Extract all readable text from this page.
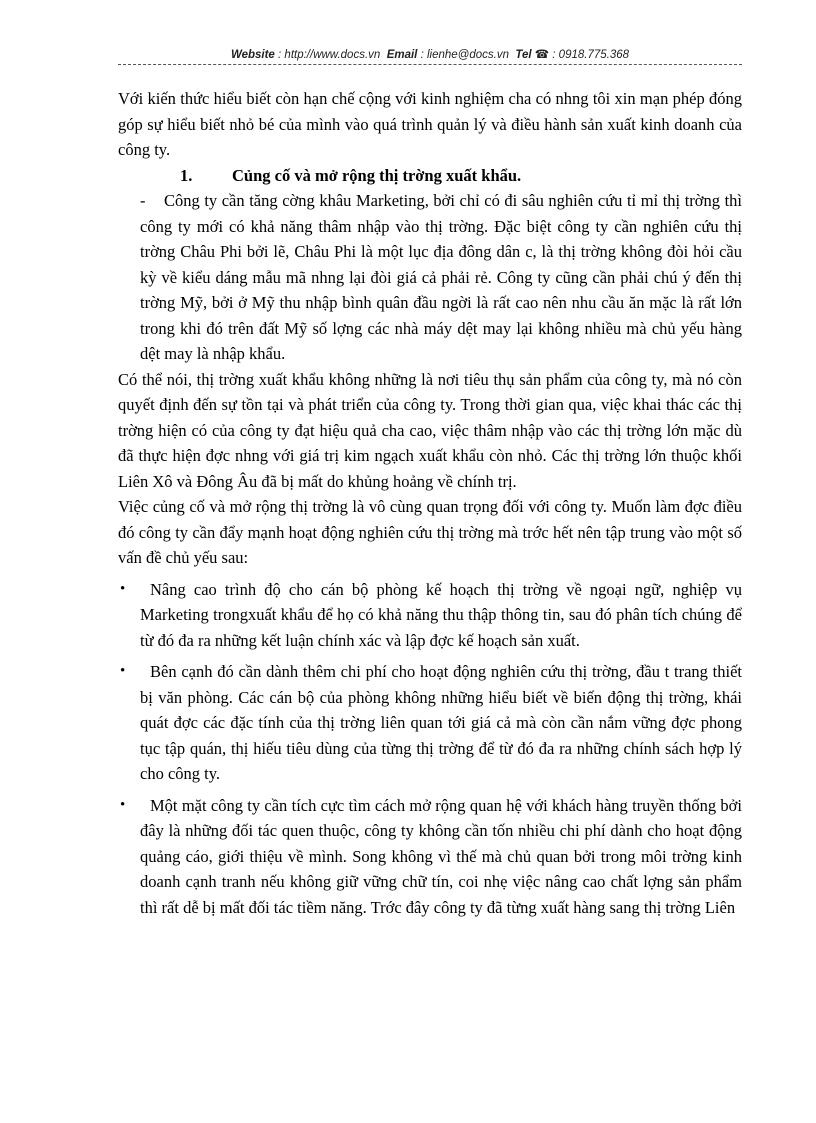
Website : http://www.docs.vn Email : lienhe@docs.vn Tel ☎ : 0918.775.368

Với kiến thức hiểu biết còn hạn chế cộng với kinh nghiệm cha có nhng tôi xin mạn phép đóng góp sự hiểu biết nhỏ bé của mình vào quá trình quản lý và điều hành sản xuất kinh doanh của công ty.

1. Củng cố và mở rộng thị trờng xuất khẩu.

-	Công ty cần tăng cờng khâu Marketing, bởi chỉ có đi sâu nghiên cứu tỉ mỉ thị trờng thì công ty mới có khả năng thâm nhập vào thị trờng. Đặc biệt công ty cần nghiên cứu thị trờng Châu Phi bởi lẽ, Châu Phi là một lục địa đông dân c, là thị trờng không đòi hỏi cầu kỳ về kiểu dáng mẫu mã nhng lại đòi giá cả phải rẻ. Công ty cũng cần phải chú ý đến thị trờng Mỹ, bởi ở Mỹ thu nhập bình quân đầu ngời là rất cao nên nhu cầu ăn mặc là rất lớn trong khi đó trên đất Mỹ số lợng các nhà máy dệt may lại không nhiều mà chủ yếu hàng dệt may là nhập khẩu.

Có thể nói, thị trờng xuất khẩu không những là nơi tiêu thụ sản phẩm của công ty, mà nó còn quyết định đến sự tồn tại và phát triển của công ty. Trong thời gian qua, việc khai thác các thị trờng hiện có của công ty đạt hiệu quả cha cao, việc thâm nhập vào các thị trờng lớn mặc dù đã thực hiện đợc nhng với giá trị kim ngạch xuất khẩu còn nhỏ. Các thị trờng lớn thuộc khối Liên Xô và Đông Âu đã bị mất do khủng hoảng về chính trị.

Việc củng cố và mở rộng thị trờng là vô cùng quan trọng đối với công ty. Muốn làm đợc điều đó công ty cần đẩy mạnh hoạt động nghiên cứu thị trờng mà trớc hết nên tập trung vào một số vấn đề chủ yếu sau:

•	Nâng cao trình độ cho cán bộ phòng kế hoạch thị trờng về ngoại ngữ, nghiệp vụ Marketing trongxuất khẩu để họ có khả năng thu thập thông tin, sau đó phân tích chúng để từ đó đa ra những kết luận chính xác và lập đợc kế hoạch sản xuất.
•	Bên cạnh đó cần dành thêm chi phí cho hoạt động nghiên cứu thị trờng, đầu t trang thiết bị văn phòng. Các cán bộ của phòng không những hiểu biết về biến động thị trờng, khái quát đợc các đặc tính của thị trờng liên quan tới giá cả mà còn cần nắm vững đợc phong tục tập quán, thị hiếu tiêu dùng của từng thị trờng để từ đó đa ra những chính sách hợp lý cho công ty.
•	Một mặt công ty cần tích cực tìm cách mở rộng quan hệ với khách hàng truyền thống bởi đây là những đối tác quen thuộc, công ty không cần tốn nhiều chi phí dành cho hoạt động quảng cáo, giới thiệu về mình. Song không vì thế mà chủ quan bởi trong môi trờng kinh doanh cạnh tranh nếu không giữ vững chữ tín, coi nhẹ việc nâng cao chất lợng sản phẩm thì rất dễ bị mất đối tác tiềm năng. Trớc đây công ty đã từng xuất hàng sang thị trờng Liên
